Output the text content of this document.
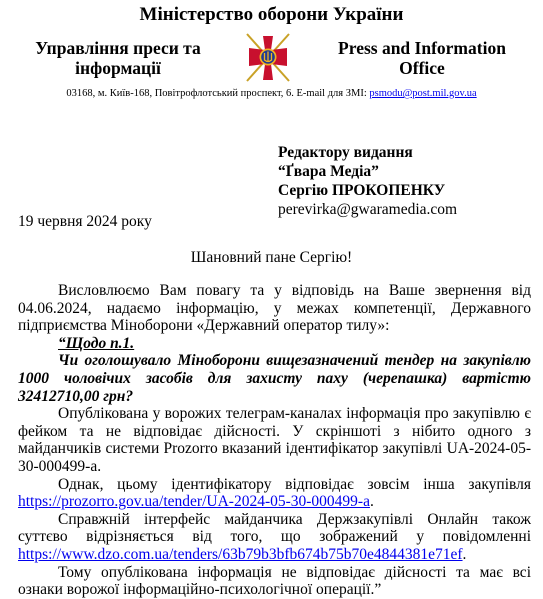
Міністерство оборони України
Управління преси та
інформації
Press and Information
Office
03168, м. Київ-168, Повітрофлотський проспект, 6. E-mail для ЗМІ: psmodu@post.mil.gov.ua
Редактору видання
“Ґвара Медіа”
Сергію ПРОКОПЕНКУ
perevirka@gwaramedia.com
19 червня 2024 року
Шановний пане Сергію!

Висловлюємо Вам повагу та у відповідь на Ваше звернення від 04.06.2024, надаємо інформацію, у межах компетенції, Державного підприємства Міноборони «Державний оператор тилу»:

“Щодо п.1.

Чи оголошувало Міноборони вищезазначений тендер на закупівлю 1000 чоловічих засобів для захисту паху (черепашка) вартістю 32412710,00 грн?

Опублікована у ворожих телеграм-каналах інформація про закупівлю є фейком та не відповідає дійсності. У скріншоті з нібито одного з майданчиків системи Prozorro вказаний ідентифікатор закупівлі UA-2024-05-30-000499-a.

Однак, цьому ідентифікатору відповідає зовсім інша закупівля https://prozorro.gov.ua/tender/UA-2024-05-30-000499-a.

Справжній інтерфейс майданчика Держзакупівлі Онлайн також суттєво відрізняється від того, що зображений у повідомленні https://www.dzo.com.ua/tenders/63b79b3bfb674b75b70e4844381e71ef.

Тому опублікована інформація не відповідає дійсності та має всі ознаки ворожої інформаційно-психологічної операції.”
